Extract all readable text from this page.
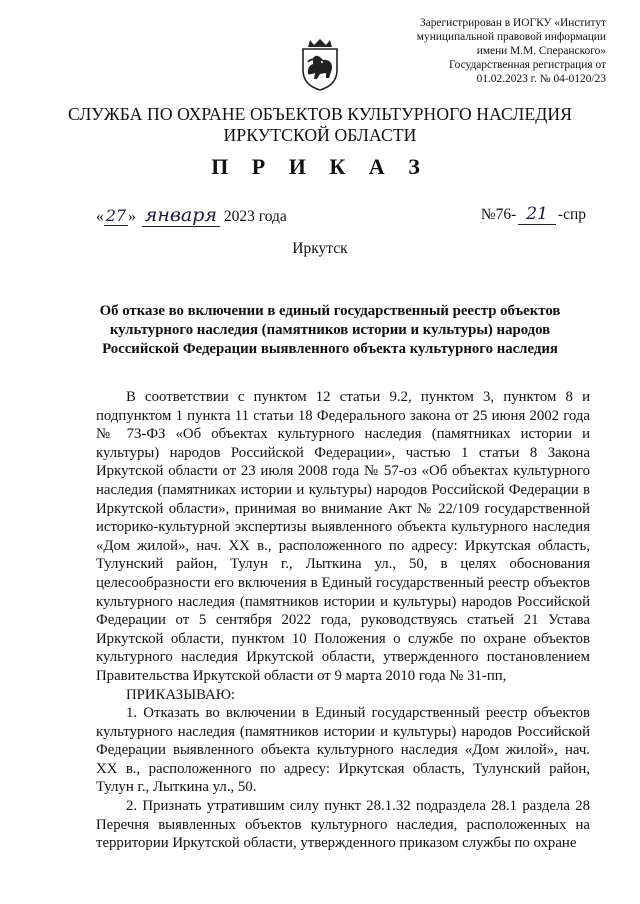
Зарегистрирован в ИОГКУ «Институт
муниципальной правовой информации
имени М.М. Сперанского»
Государственная регистрация от
01.02.2023 г. № 04-0120/23
СЛУЖБА ПО ОХРАНЕ ОБЪЕКТОВ КУЛЬТУРНОГО НАСЛЕДИЯ
ИРКУТСКОЙ ОБЛАСТИ
П Р И К А З
« 27 » января 2023 года	№76- 21 -спр
Иркутск
Об отказе во включении в единый государственный реестр объектов культурного наследия (памятников истории и культуры) народов Российской Федерации выявленного объекта культурного наследия

В соответствии с пунктом 12 статьи 9.2, пунктом 3, пунктом 8 и подпунктом 1 пункта 11 статьи 18 Федерального закона от 25 июня 2002 года № 73-ФЗ «Об объектах культурного наследия (памятниках истории и культуры) народов Российской Федерации», частью 1 статьи 8 Закона Иркутской области от 23 июля 2008 года № 57-оз «Об объектах культурного наследия (памятниках истории и культуры) народов Российской Федерации в Иркутской области», принимая во внимание Акт № 22/109 государственной историко-культурной экспертизы выявленного объекта культурного наследия «Дом жилой», нач. XX в., расположенного по адресу: Иркутская область, Тулунский район, Тулун г., Лыткина ул., 50, в целях обоснования целесообразности его включения в Единый государственный реестр объектов культурного наследия (памятников истории и культуры) народов Российской Федерации от 5 сентября 2022 года, руководствуясь статьей 21 Устава Иркутской области, пунктом 10 Положения о службе по охране объектов культурного наследия Иркутской области, утвержденного постановлением Правительства Иркутской области от 9 марта 2010 года № 31-пп,

ПРИКАЗЫВАЮ:

1. Отказать во включении в Единый государственный реестр объектов культурного наследия (памятников истории и культуры) народов Российской Федерации выявленного объекта культурного наследия «Дом жилой», нач. XX в., расположенного по адресу: Иркутская область, Тулунский район, Тулун г., Лыткина ул., 50.

2. Признать утратившим силу пункт 28.1.32 подраздела 28.1 раздела 28 Перечня выявленных объектов культурного наследия, расположенных на территории Иркутской области, утвержденного приказом службы по охране
